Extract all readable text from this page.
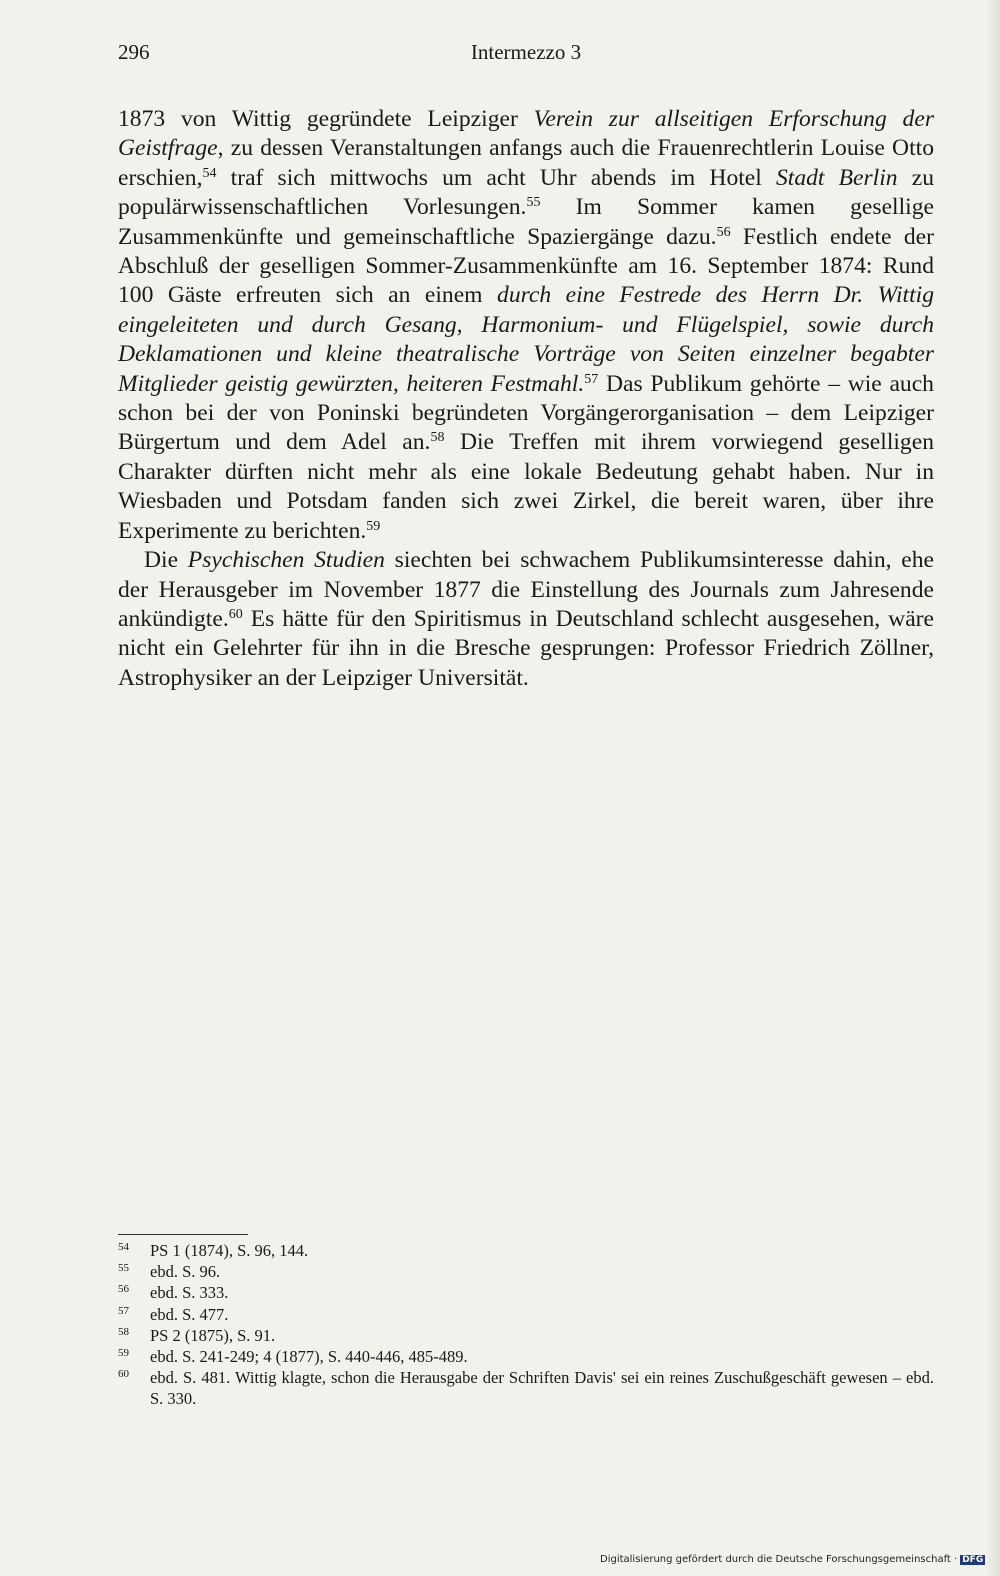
296	Intermezzo 3

1873 von Wittig gegründete Leipziger Verein zur allseitigen Erforschung der Geistfrage, zu dessen Veranstaltungen anfangs auch die Frauenrechtlerin Louise Otto erschien,$^{54}$ traf sich mittwochs um acht Uhr abends im Hotel Stadt Berlin zu populärwissenschaftlichen Vorlesungen.$^{55}$ Im Sommer kamen gesellige Zusammenkünfte und gemeinschaftliche Spaziergänge dazu.$^{56}$ Festlich endete der Abschluß der geselligen Sommer-Zusammenkünfte am 16. September 1874: Rund 100 Gäste erfreuten sich an einem durch eine Festrede des Herrn Dr. Wittig eingeleiteten und durch Gesang, Harmonium- und Flügelspiel, sowie durch Deklamationen und kleine theatralische Vorträge von Seiten einzelner begabter Mitglieder geistig gewürzten, heiteren Festmahl.$^{57}$ Das Publikum gehörte – wie auch schon bei der von Poninski begründeten Vorgängerorganisation – dem Leipziger Bürgertum und dem Adel an.$^{58}$ Die Treffen mit ihrem vorwiegend geselligen Charakter dürften nicht mehr als eine lokale Bedeutung gehabt haben. Nur in Wiesbaden und Potsdam fanden sich zwei Zirkel, die bereit waren, über ihre Experimente zu berichten.$^{59}$

Die Psychischen Studien siechten bei schwachem Publikumsinteresse dahin, ehe der Herausgeber im November 1877 die Einstellung des Journals zum Jahresende ankündigte.$^{60}$ Es hätte für den Spiritismus in Deutschland schlecht ausgesehen, wäre nicht ein Gelehrter für ihn in die Bresche gesprungen: Professor Friedrich Zöllner, Astrophysiker an der Leipziger Universität.

54 PS 1 (1874), S. 96, 144.
55 ebd. S. 96.
56 ebd. S. 333.
57 ebd. S. 477.
58 PS 2 (1875), S. 91.
59 ebd. S. 241-249; 4 (1877), S. 440-446, 485-489.
60 ebd. S. 481. Wittig klagte, schon die Herausgabe der Schriften Davis' sei ein reines Zuschußgeschäft gewesen – ebd. S. 330.
Digitalisierung gefördert durch die Deutsche Forschungsgemeinschaft · DFG
